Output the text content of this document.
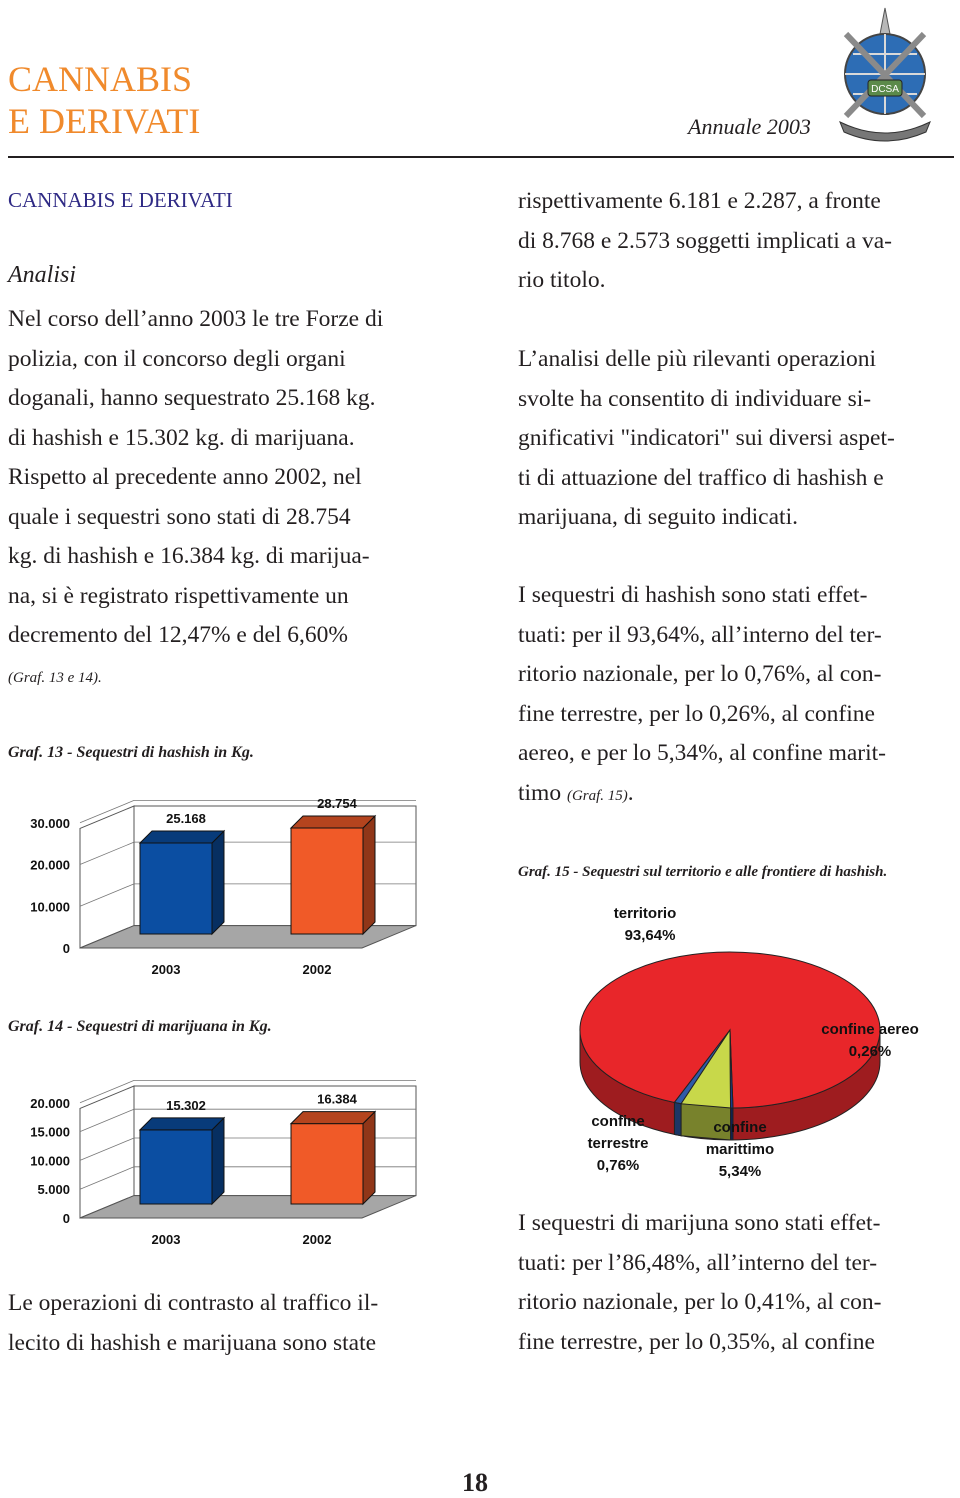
CANNABIS
E DERIVATI	Annuale 2003
DCSA
CANNABIS E DERIVATI
Analisi
Nel corso dell’anno 2003 le tre Forze di
polizia, con il concorso degli organi
doganali, hanno sequestrato 25.168 kg.
di hashish e 15.302 kg. di marijuana.
Rispetto al precedente anno 2002, nel
quale i sequestri sono stati di 28.754
kg. di hashish e 16.384 kg. di marijua-
na, si è registrato rispettivamente un
decremento del 12,47% e del 6,60%
(Graf. 13 e 14).
Graf. 13 - Sequestri di hashish in Kg.
0
10.000
20.000
30.000	25.168
2003
28.754
2002
Graf. 14 - Sequestri di marijuana in Kg.
0
5.000
10.000
15.000
20.000	15.302
2003
16.384
2002
Le operazioni di contrasto al traffico il-
lecito di hashish e marijuana sono state
rispettivamente 6.181 e 2.287, a fronte
di 8.768 e 2.573 soggetti implicati a va-
rio titolo.
L’analisi delle più rilevanti operazioni
svolte ha consentito di individuare si-
gnificativi "indicatori" sui diversi aspet-
ti di attuazione del traffico di hashish e
marijuana, di seguito indicati.
I sequestri di hashish sono stati effet-
tuati: per il 93,64%, all’interno del ter-
ritorio nazionale, per lo 0,76%, al con-
fine terrestre, per lo 0,26%, al confine
aereo, e per lo 5,34%, al confine marit-
timo (Graf. 15).
Graf. 15 - Sequestri sul territorio e alle frontiere di hashish.
territorio
93,64%
confine aereo
0,26%
confine
marittimo
5,34%
confine
terrestre
0,76%
I sequestri di marijuna sono stati effet-
tuati: per l’86,48%, all’interno del ter-
ritorio nazionale, per lo 0,41%, al con-
fine terrestre, per lo 0,35%, al confine
18
